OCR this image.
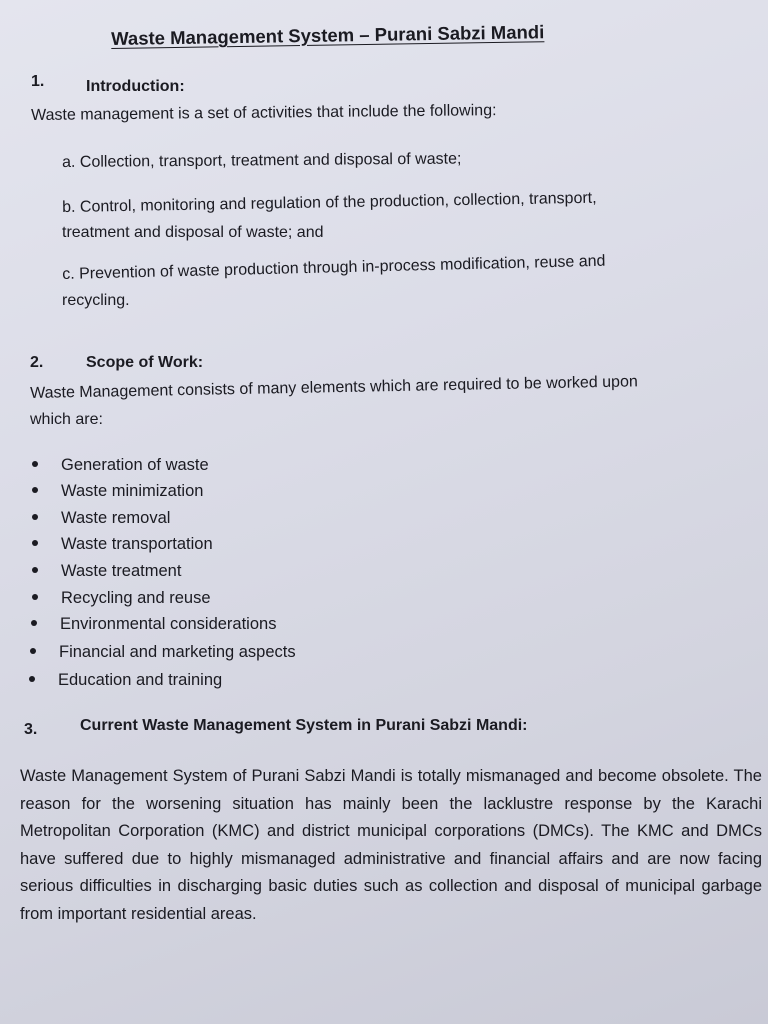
Waste Management System – Purani Sabzi Mandi
1.	Introduction:
Waste management is a set of activities that include the following:
a. Collection, transport, treatment and disposal of waste;
b. Control, monitoring and regulation of the production, collection, transport,
treatment and disposal of waste; and
c. Prevention of waste production through in-process modification, reuse and
recycling.
2.	Scope of Work:
Waste Management consists of many elements which are required to be worked upon
which are:
Generation of waste
Waste minimization
Waste removal
Waste transportation
Waste treatment
Recycling and reuse
Environmental considerations
Financial and marketing aspects
Education and training
3.	Current Waste Management System in Purani Sabzi Mandi:
Waste Management System of Purani Sabzi Mandi is totally mismanaged and become obsolete. The reason for the worsening situation has mainly been the lacklustre response by the Karachi Metropolitan Corporation (KMC) and district municipal corporations (DMCs). The KMC and DMCs have suffered due to highly mismanaged administrative and financial affairs and are now facing serious difficulties in discharging basic duties such as collection and disposal of municipal garbage from important residential areas.
